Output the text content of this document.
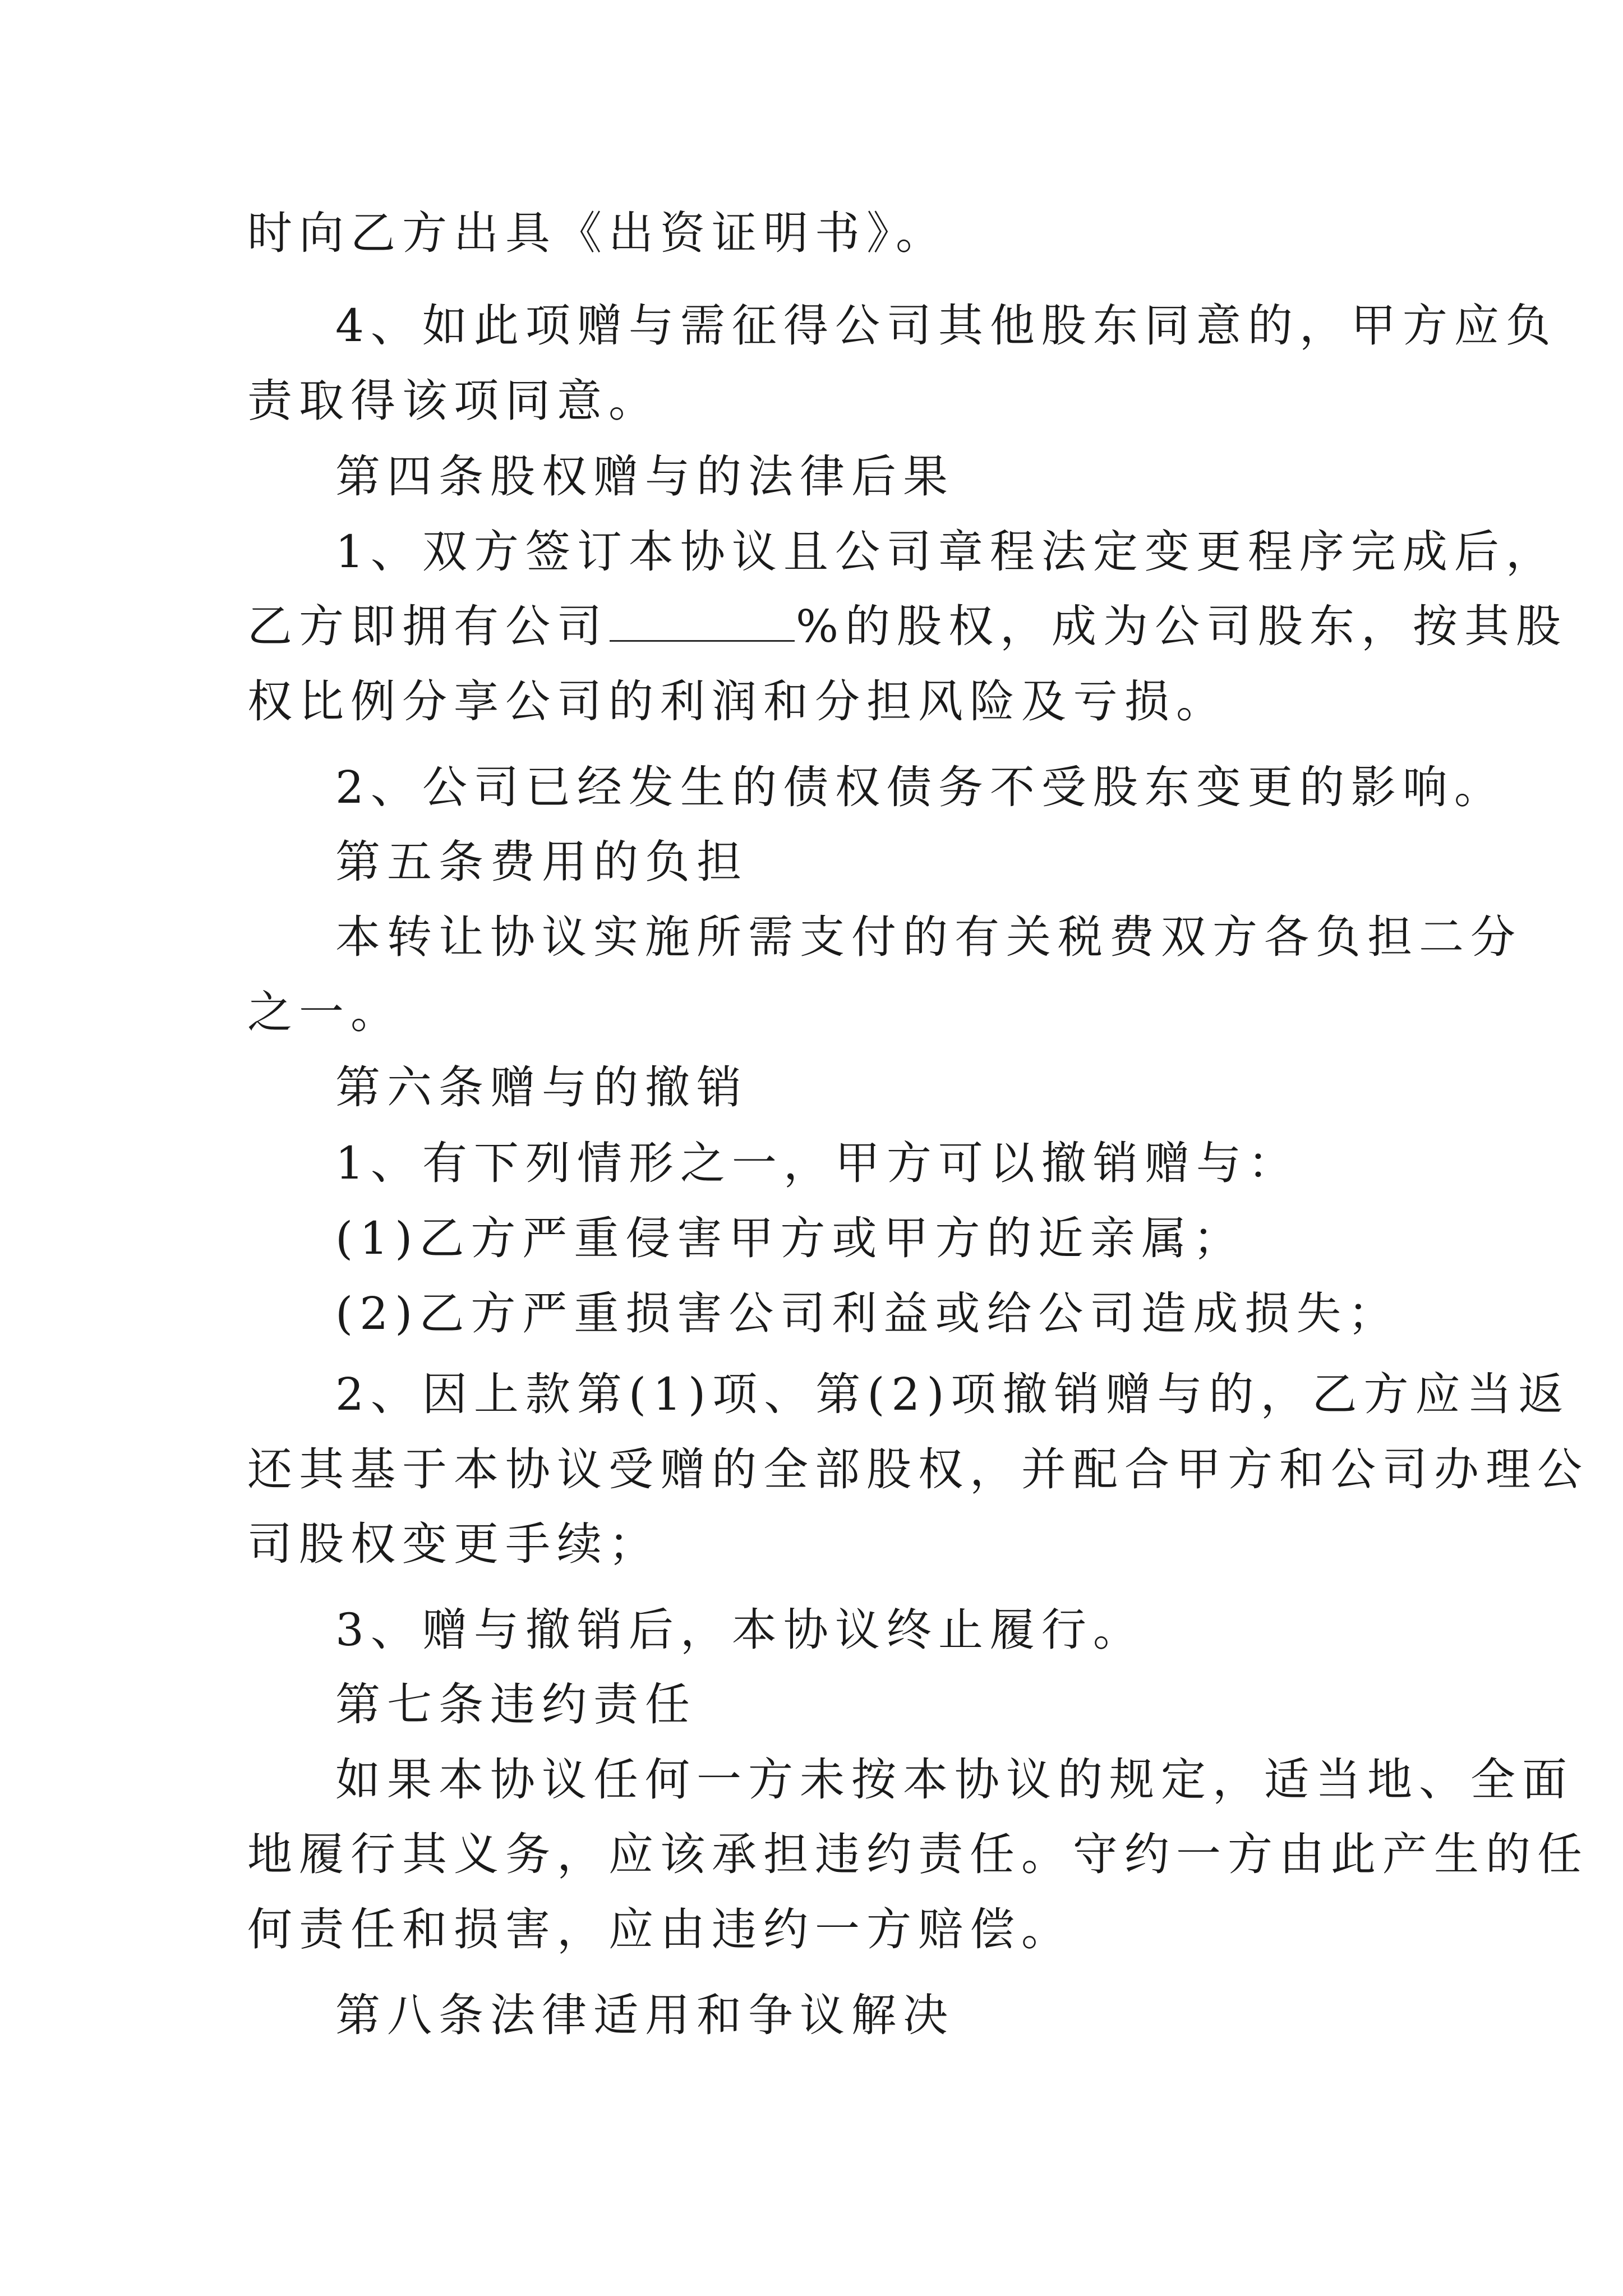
时向乙方出具《出资证明书》。

4、如此项赠与需征得公司其他股东同意的，甲方应负

责取得该项同意。

第四条股权赠与的法律后果

1、双方签订本协议且公司章程法定变更程序完成后，

乙方即拥有公司	%的股权，成为公司股东，按其股

权比例分享公司的利润和分担风险及亏损。

2、公司已经发生的债权债务不受股东变更的影响。

第五条费用的负担

本转让协议实施所需支付的有关税费双方各负担二分

之一。

第六条赠与的撤销

1、有下列情形之一，甲方可以撤销赠与：

(1)乙方严重侵害甲方或甲方的近亲属；

(2)乙方严重损害公司利益或给公司造成损失；

2、因上款第(1)项、第(2)项撤销赠与的，乙方应当返

还其基于本协议受赠的全部股权，并配合甲方和公司办理公

司股权变更手续；

3、赠与撤销后，本协议终止履行。

第七条违约责任

如果本协议任何一方未按本协议的规定，适当地、全面

地履行其义务，应该承担违约责任。守约一方由此产生的任

何责任和损害，应由违约一方赔偿。

第八条法律适用和争议解决
